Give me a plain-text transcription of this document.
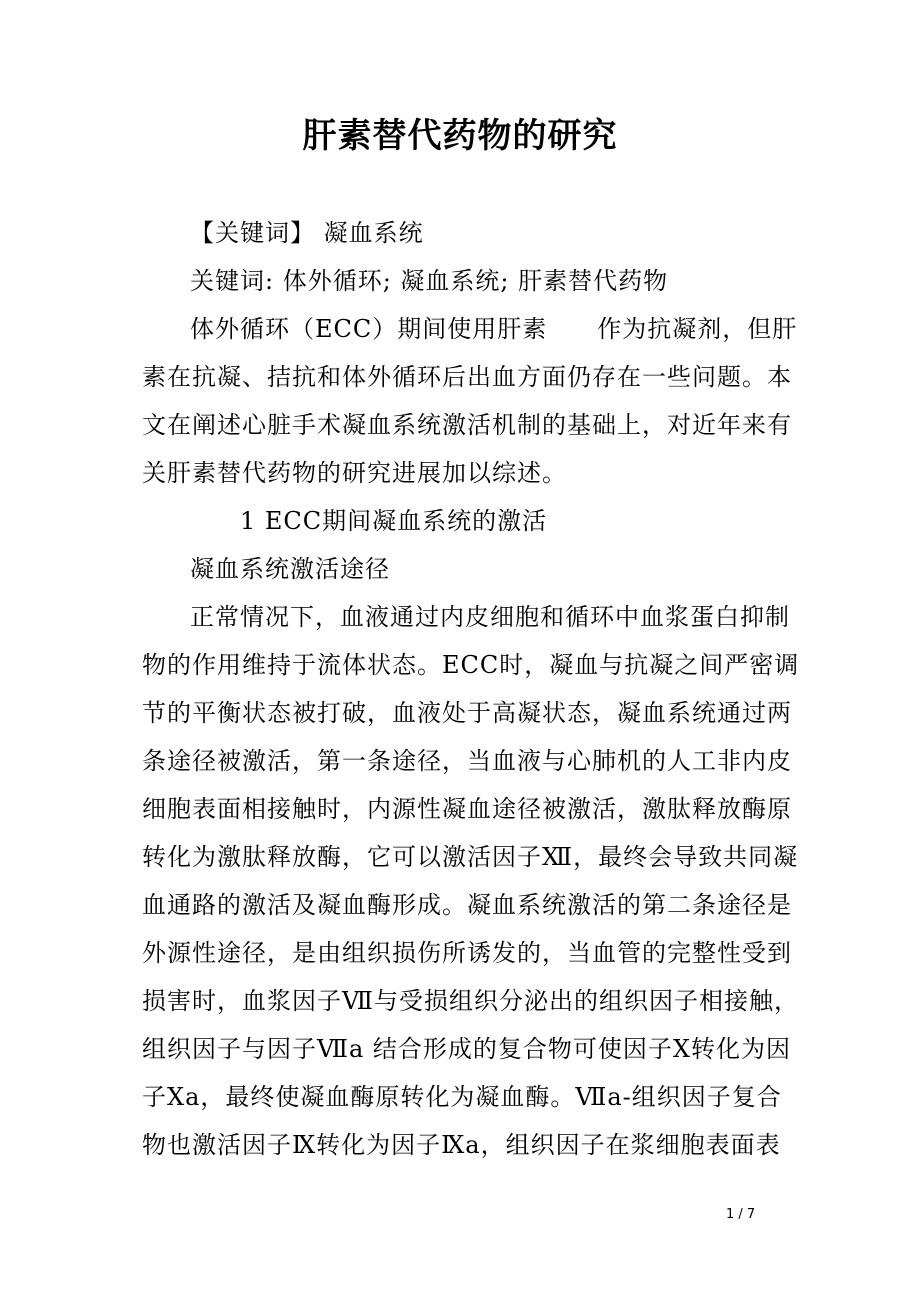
肝素替代药物的研究
【关键词】 凝血系统
关键词: 体外循环; 凝血系统; 肝素替代药物
体外循环（ECC）期间使用肝素　　作为抗凝剂，但肝
素在抗凝、拮抗和体外循环后出血方面仍存在一些问题。本
文在阐述心脏手术凝血系统激活机制的基础上，对近年来有
关肝素替代药物的研究进展加以综述。
1 ECC期间凝血系统的激活
凝血系统激活途径
正常情况下，血液通过内皮细胞和循环中血浆蛋白抑制
物的作用维持于流体状态。ECC时，凝血与抗凝之间严密调
节的平衡状态被打破，血液处于高凝状态，凝血系统通过两
条途径被激活，第一条途径，当血液与心肺机的人工非内皮
细胞表面相接触时，内源性凝血途径被激活，激肽释放酶原
转化为激肽释放酶，它可以激活因子Ⅻ，最终会导致共同凝
血通路的激活及凝血酶形成。凝血系统激活的第二条途径是
外源性途径，是由组织损伤所诱发的，当血管的完整性受到
损害时，血浆因子Ⅶ与受损组织分泌出的组织因子相接触，
组织因子与因子Ⅶa 结合形成的复合物可使因子Ⅹ转化为因
子Ⅹa，最终使凝血酶原转化为凝血酶。Ⅶa-组织因子复合
物也激活因子Ⅸ转化为因子Ⅸa，组织因子在浆细胞表面表
1 / 7
